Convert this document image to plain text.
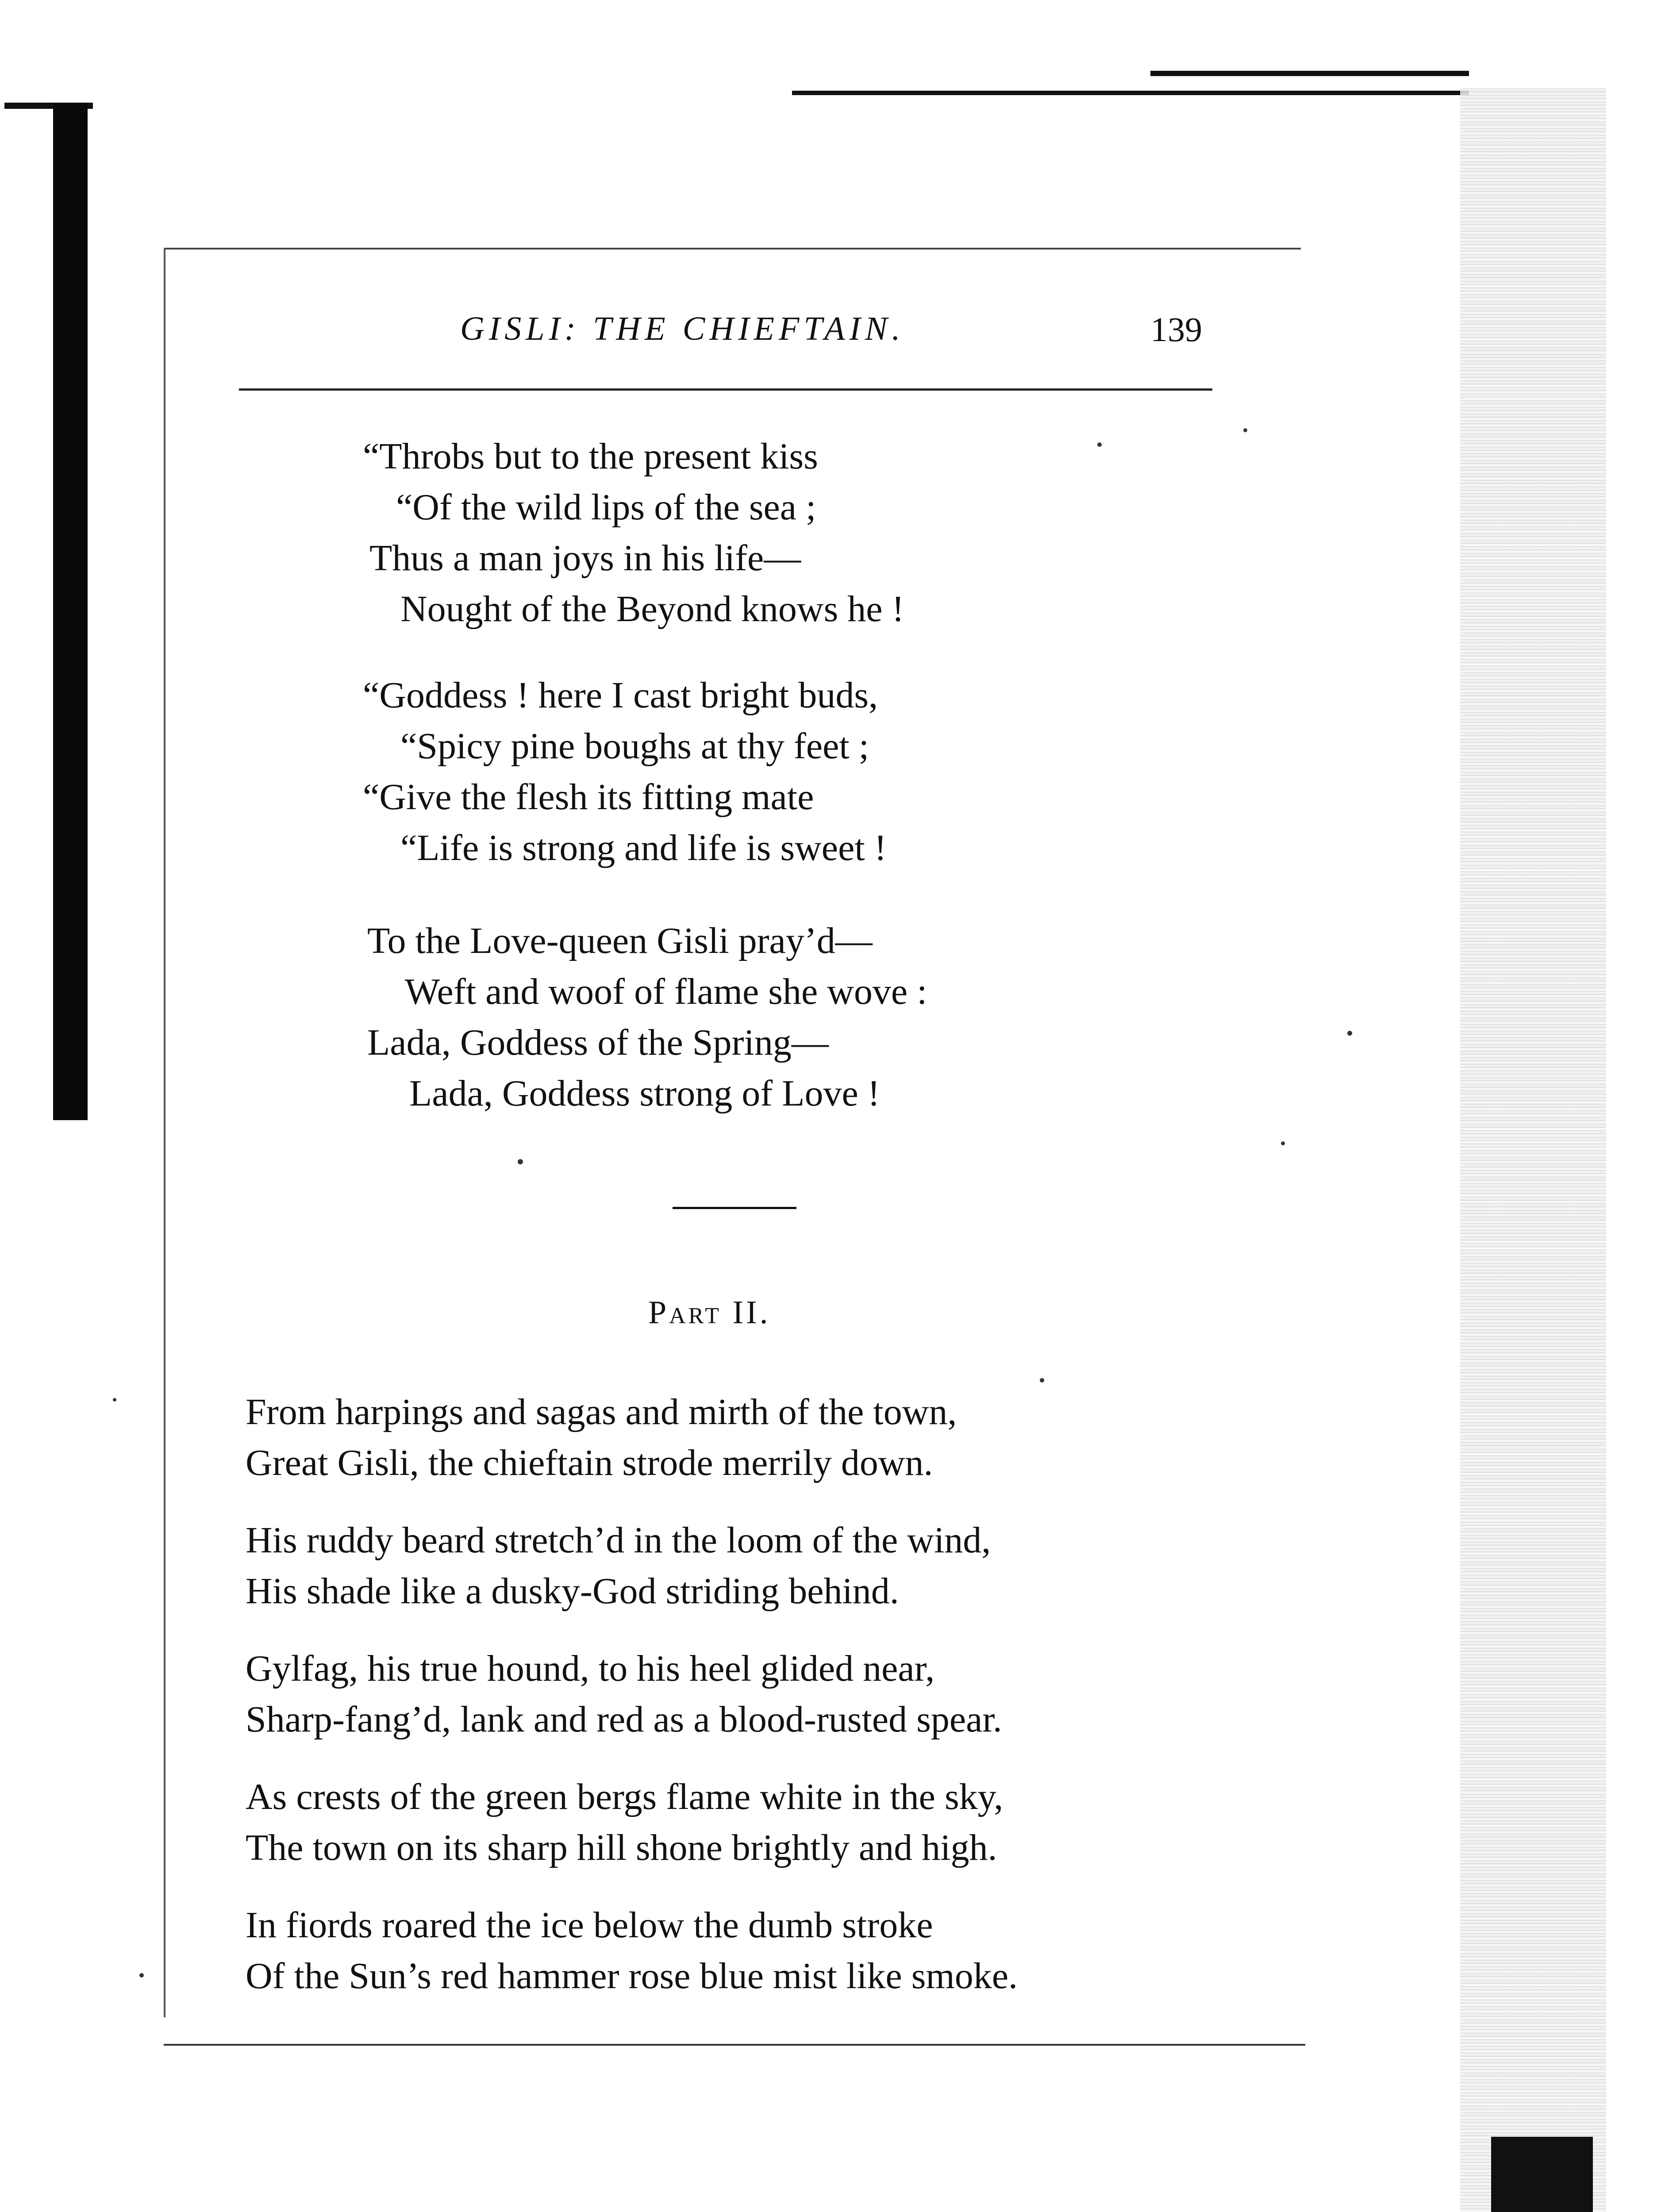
GISLI: THE CHIEFTAIN.	139
“Throbs but to the present kiss
“Of the wild lips of the sea ;
Thus a man joys in his life—
Nought of the Beyond knows he !
“Goddess ! here I cast bright buds,
“Spicy pine boughs at thy feet ;
“Give the flesh its fitting mate
“Life is strong and life is sweet !
To the Love-queen Gisli pray’d—
Weft and woof of flame she wove :
Lada, Goddess of the Spring—
Lada, Goddess strong of Love !
Part II.
From harpings and sagas and mirth of the town,
Great Gisli, the chieftain strode merrily down.
His ruddy beard stretch’d in the loom of the wind,
His shade like a dusky-God striding behind.
Gylfag, his true hound, to his heel glided near,
Sharp-fang’d, lank and red as a blood-rusted spear.
As crests of the green bergs flame white in the sky,
The town on its sharp hill shone brightly and high.
In fiords roared the ice below the dumb stroke
Of the Sun’s red hammer rose blue mist like smoke.
